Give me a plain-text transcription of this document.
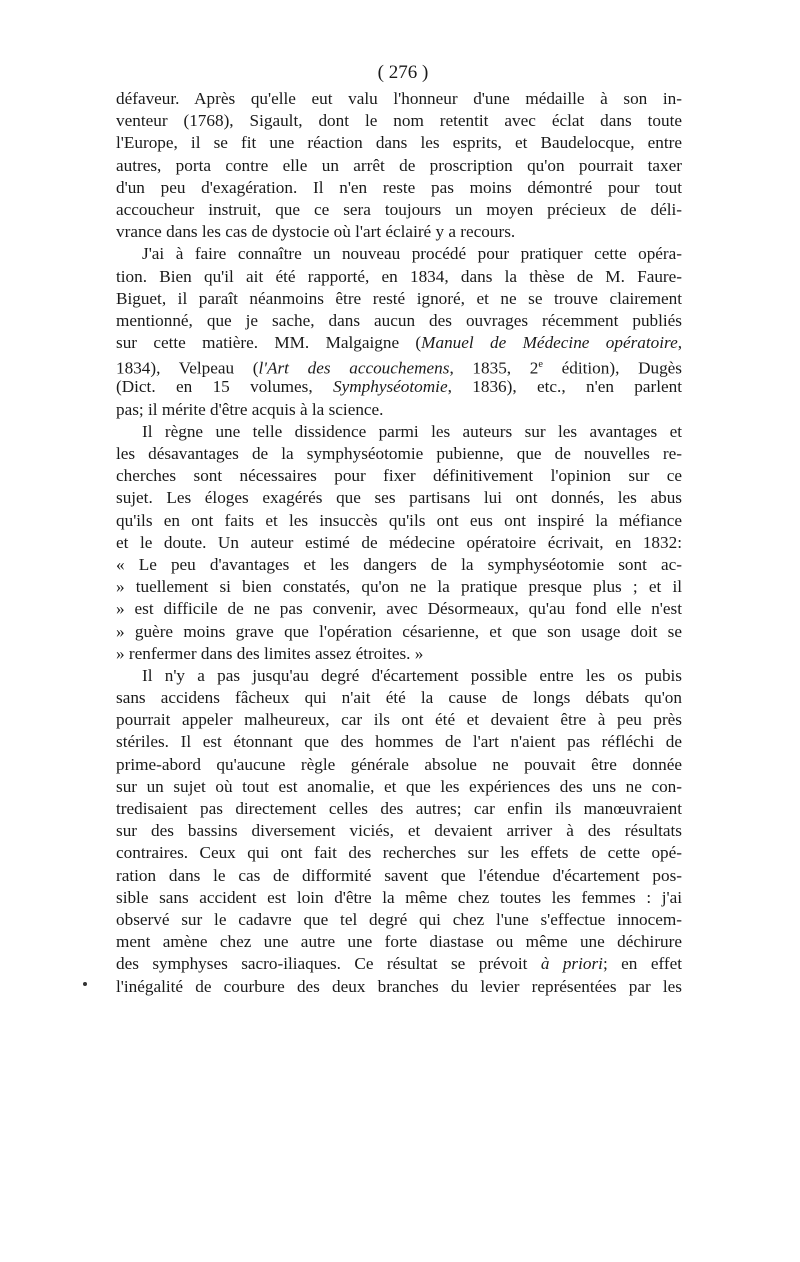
( 276 )
défaveur. Après qu'elle eut valu l'honneur d'une médaille à son in-
venteur (1768), Sigault, dont le nom retentit avec éclat dans toute
l'Europe, il se fit une réaction dans les esprits, et Baudelocque, entre
autres, porta contre elle un arrêt de proscription qu'on pourrait taxer
d'un peu d'exagération. Il n'en reste pas moins démontré pour tout
accoucheur instruit, que ce sera toujours un moyen précieux de déli-
vrance dans les cas de dystocie où l'art éclairé y a recours.
J'ai à faire connaître un nouveau procédé pour pratiquer cette opéra-
tion. Bien qu'il ait été rapporté, en 1834, dans la thèse de M. Faure-
Biguet, il paraît néanmoins être resté ignoré, et ne se trouve clairement
mentionné, que je sache, dans aucun des ouvrages récemment publiés
sur cette matière. MM. Malgaigne (Manuel de Médecine opératoire,
1834), Velpeau (l'Art des accouchemens, 1835, 2e édition), Dugès
(Dict. en 15 volumes, Symphyséotomie, 1836), etc., n'en parlent
pas; il mérite d'être acquis à la science.
Il règne une telle dissidence parmi les auteurs sur les avantages et
les désavantages de la symphyséotomie pubienne, que de nouvelles re-
cherches sont nécessaires pour fixer définitivement l'opinion sur ce
sujet. Les éloges exagérés que ses partisans lui ont donnés, les abus
qu'ils en ont faits et les insuccès qu'ils ont eus ont inspiré la méfiance
et le doute. Un auteur estimé de médecine opératoire écrivait, en 1832:
« Le peu d'avantages et les dangers de la symphyséotomie sont ac-
» tuellement si bien constatés, qu'on ne la pratique presque plus ; et il
» est difficile de ne pas convenir, avec Désormeaux, qu'au fond elle n'est
» guère moins grave que l'opération césarienne, et que son usage doit se
» renfermer dans des limites assez étroites. »
Il n'y a pas jusqu'au degré d'écartement possible entre les os pubis
sans accidens fâcheux qui n'ait été la cause de longs débats qu'on
pourrait appeler malheureux, car ils ont été et devaient être à peu près
stériles. Il est étonnant que des hommes de l'art n'aient pas réfléchi de
prime-abord qu'aucune règle générale absolue ne pouvait être donnée
sur un sujet où tout est anomalie, et que les expériences des uns ne con-
tredisaient pas directement celles des autres; car enfin ils manœuvraient
sur des bassins diversement viciés, et devaient arriver à des résultats
contraires. Ceux qui ont fait des recherches sur les effets de cette opé-
ration dans le cas de difformité savent que l'étendue d'écartement pos-
sible sans accident est loin d'être la même chez toutes les femmes : j'ai
observé sur le cadavre que tel degré qui chez l'une s'effectue innocem-
ment amène chez une autre une forte diastase ou même une déchirure
des symphyses sacro-iliaques. Ce résultat se prévoit à priori; en effet
l'inégalité de courbure des deux branches du levier représentées par les
